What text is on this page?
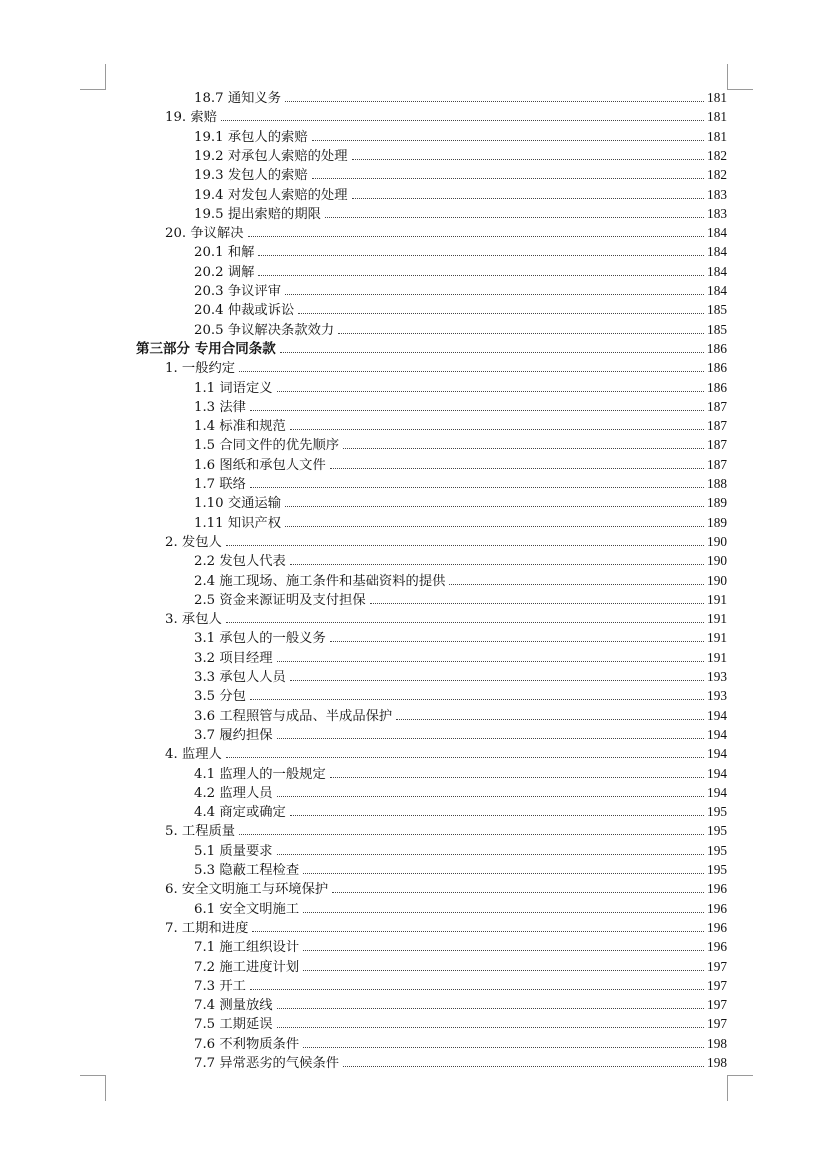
18.7 通知义务	181
19. 索赔	181
19.1 承包人的索赔	181
19.2 对承包人索赔的处理	182
19.3 发包人的索赔	182
19.4 对发包人索赔的处理	183
19.5 提出索赔的期限	183
20. 争议解决	184
20.1 和解	184
20.2 调解	184
20.3 争议评审	184
20.4 仲裁或诉讼	185
20.5 争议解决条款效力	185
第三部分 专用合同条款	186
1. 一般约定	186
1.1 词语定义	186
1.3 法律	187
1.4 标准和规范	187
1.5 合同文件的优先顺序	187
1.6 图纸和承包人文件	187
1.7 联络	188
1.10 交通运输	189
1.11 知识产权	189
2. 发包人	190
2.2 发包人代表	190
2.4 施工现场、施工条件和基础资料的提供	190
2.5 资金来源证明及支付担保	191
3. 承包人	191
3.1 承包人的一般义务	191
3.2 项目经理	191
3.3 承包人人员	193
3.5 分包	193
3.6 工程照管与成品、半成品保护	194
3.7 履约担保	194
4. 监理人	194
4.1 监理人的一般规定	194
4.2 监理人员	194
4.4 商定或确定	195
5. 工程质量	195
5.1 质量要求	195
5.3 隐蔽工程检查	195
6. 安全文明施工与环境保护	196
6.1 安全文明施工	196
7. 工期和进度	196
7.1 施工组织设计	196
7.2 施工进度计划	197
7.3 开工	197
7.4 测量放线	197
7.5 工期延误	197
7.6 不利物质条件	198
7.7 异常恶劣的气候条件	198
